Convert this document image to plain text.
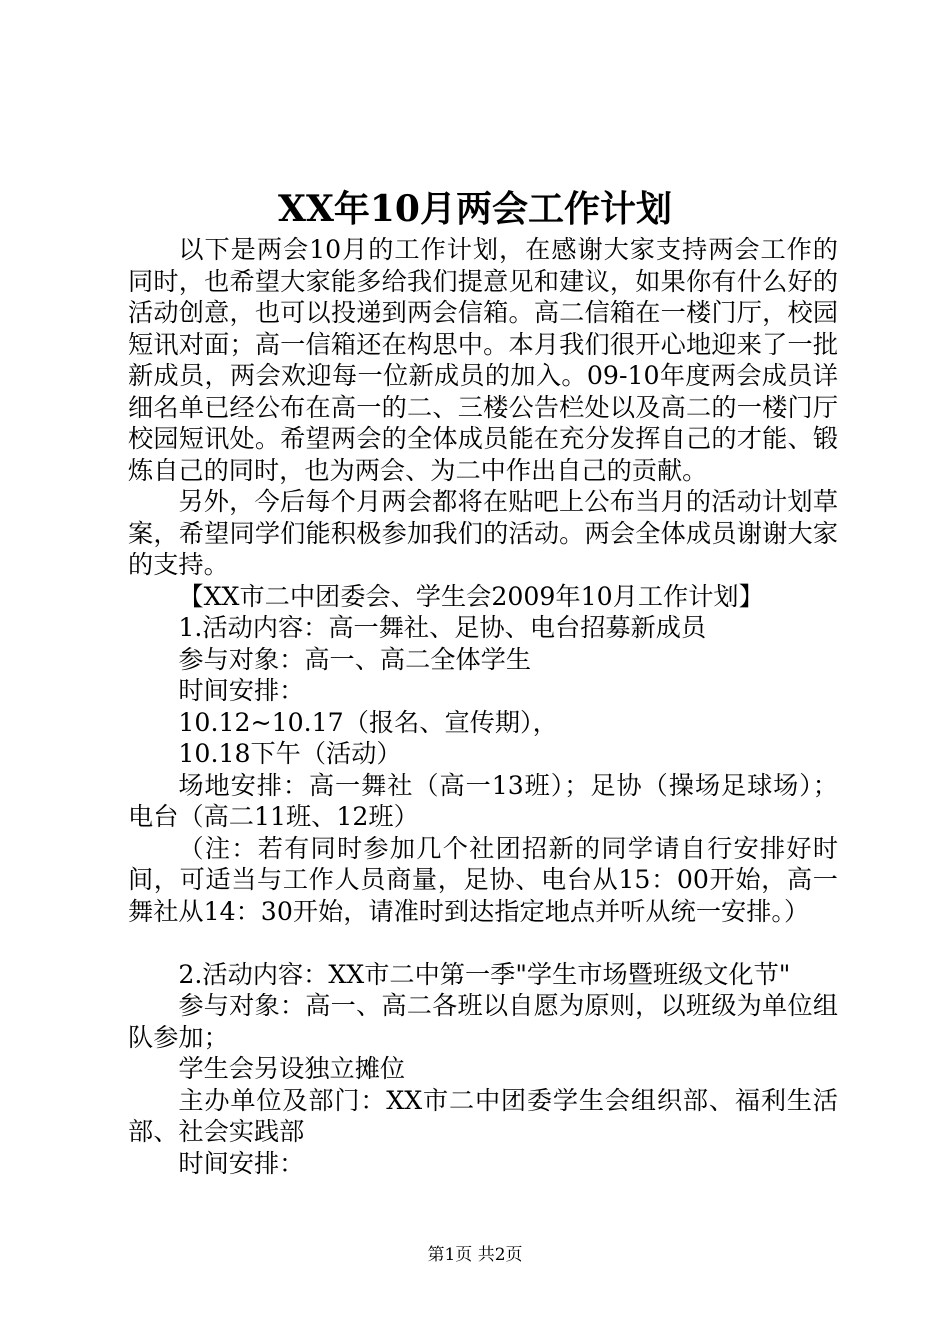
XX年10月两会工作计划

以下是两会10月的工作计划，在感谢大家支持两会工作的同时，也希望大家能多给我们提意见和建议，如果你有什么好的活动创意，也可以投递到两会信箱。高二信箱在一楼门厅，校园短讯对面；高一信箱还在构思中。本月我们很开心地迎来了一批新成员，两会欢迎每一位新成员的加入。09-10年度两会成员详细名单已经公布在高一的二、三楼公告栏处以及高二的一楼门厅校园短讯处。希望两会的全体成员能在充分发挥自己的才能、锻炼自己的同时，也为两会、为二中作出自己的贡献。

另外，今后每个月两会都将在贴吧上公布当月的活动计划草案，希望同学们能积极参加我们的活动。两会全体成员谢谢大家的支持。

【XX市二中团委会、学生会2009年10月工作计划】

1.活动内容：高一舞社、足协、电台招募新成员

参与对象：高一、高二全体学生

时间安排：

10.12~10.17（报名、宣传期），

10.18下午（活动）

场地安排：高一舞社（高一13班）；足协（操场足球场）；电台（高二11班、12班）

（注：若有同时参加几个社团招新的同学请自行安排好时间，可适当与工作人员商量，足协、电台从15：00开始，高一舞社从14：30开始，请准时到达指定地点并听从统一安排。）

2.活动内容：XX市二中第一季"学生市场暨班级文化节"

参与对象：高一、高二各班以自愿为原则，以班级为单位组队参加；

学生会另设独立摊位

主办单位及部门：XX市二中团委学生会组织部、福利生活部、社会实践部

时间安排：

第1页 共2页
